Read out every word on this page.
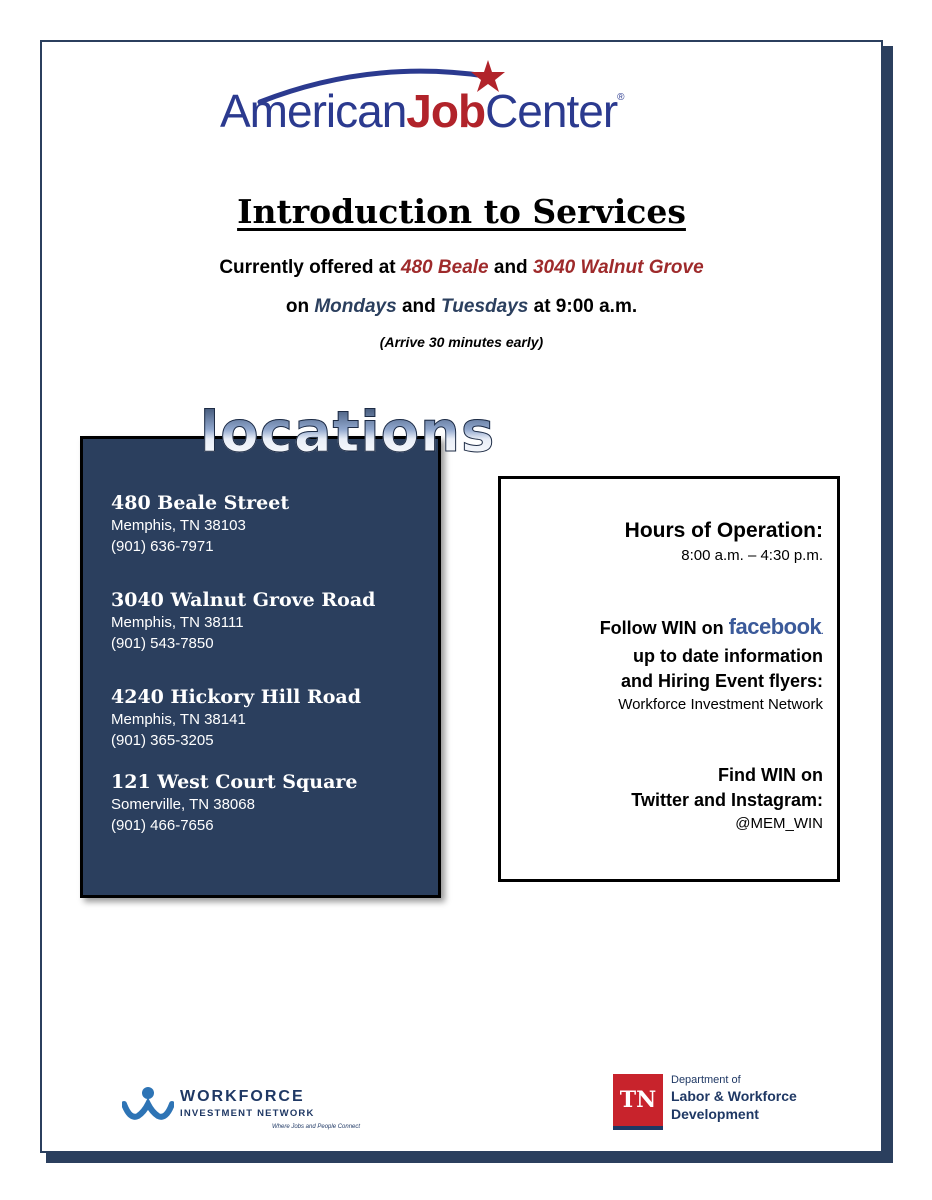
AmericanJobCenter®
Introduction to Services
Currently offered at 480 Beale and 3040 Walnut Grove
on Mondays and Tuesdays at 9:00 a.m.
(Arrive 30 minutes early)
480 Beale Street
Memphis, TN 38103
(901) 636-7971
3040 Walnut Grove Road
Memphis, TN 38111
(901) 543-7850
4240 Hickory Hill Road
Memphis, TN 38141
(901) 365-3205
121 West Court Square
Somerville, TN 38068
(901) 466-7656
locations
Hours of Operation:
8:00 a.m. – 4:30 p.m.
Follow WIN on facebook.
up to date information
and Hiring Event flyers:
Workforce Investment Network
Find WIN on
Twitter and Instagram:
@MEM_WIN
WORKFORCE
INVESTMENT NETWORK
Where Jobs and People Connect
TN
Department of
Labor & Workforce
Development
